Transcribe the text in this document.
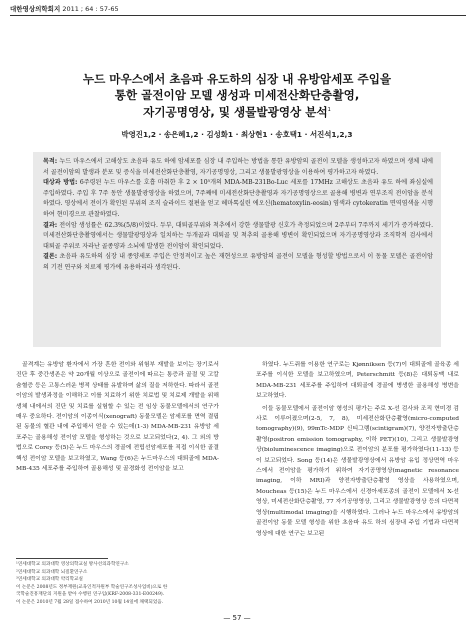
대한영상의학회지 2011 ; 64 : 57-65
누드 마우스에서 초음파 유도하의 심장 내 유방암세포 주입을
통한 골전이암 모델 생성과 미세전산화단층촬영,
자기공명영상, 및 생물발광영상 분석$^1$
박영진1,2 · 송은혜1,2 · 김성화1 · 최상현1 · 송호택1 · 서진석1,2,3

목적: 누드 마우스에서 고해상도 초음파 유도 하에 암세포를 심장 내 주입하는 방법을 통한 유방암의 골전이 모델을 생성하고자 하였으며 생체 내에서 골전이암의 발생과 분포 및 증식을 미세전산화단층촬영, 자기공명영상, 그리고 생물발광영상을 이용하여 평가하고자 하였다.

대상과 방법: 6주령된 누드 마우스를 호흡 마취한 후 2 × 10⁵개의 MDA-MB-231Bo-Luc 세포를 17MHz 고해상도 초음파 유도 하에 좌심실에 주입하였다. 주입 후 7주 동안 생물발광영상을 하였으며, 7주째에 미세전산화단층촬영과 자기공명영상으로 골용해 병변과 연부조직 전이암을 분석하였다. 영상에서 전이가 확인된 부위의 조직 슬라이드 절편을 얻고 헤마톡실린 에오신(hematoxylin-eosin) 염색과 cytokeratin 면역염색을 시행하여 현미경으로 관찰하였다.

결과: 전이암 생성률은 62.3%(5/8)이었다. 두부, 대퇴골부위와 척추에서 강한 생물발광 신호가 측정되었으며 2주부터 7주까지 세기가 증가하였다. 미세전산화단층촬영에서는 생물발광영상과 일치하는 두개골과 대퇴골 및 척추의 골용해 병변이 확인되었으며 자기공명영상과 조직학적 검사에서 대퇴골 주위로 자라난 골종양과 소뇌에 발생한 전이암이 확인되었다.

결론: 초음파 유도하의 심장 내 종양세포 주입은 안정적이고 높은 재현성으로 유방암의 골전이 모델을 형성할 방법으로서 이 동물 모델은 골전이암의 기전 연구와 치료제 평가에 유용하리라 생각된다.

골격계는 유방암 환자에서 가장 흔한 전이와 위험부 재발을 보이는 장기로서 진단 후 중간생존은 약 20개월 이상으로 골전이에 따르는 통증과 골절 및 고칼슘혈증 등은 고통스러운 병적 상태를 유발하며 삶의 질을 저하한다. 따라서 골전이암의 발생과정을 이해하고 이를 치료하기 위한 치료법 및 치료제 개발을 위해 생체 내에서의 진단 및 치료를 실험할 수 있는 전 임상 동물모델에서의 연구가 매우 중요하다. 전이암의 이종이식(xenograft) 동물모델은 암세포를 면역 결핍된 동물의 혈관 내에 주입해서 얻을 수 있는데(1-3) MDA-MB-231 유방암 세포주는 골용해성 전이암 모델을 형성하는 것으로 보고되었다(2, 4). 그 외의 방법으로 Corey 등(5)은 누드 마우스의 경골에 전립선암세포를 직접 이식한 골결핵성 전이암 모델을 보고하였고, Wang 등(6)은 누드마우스의 대퇴골에 MDA-MB-435 세포주를 주입하여 골용해성 및 골경화성 전이암을 보고

하였다. 누드쥐를 이용한 연구로는 Kjønniksen 등(7)이 대퇴골에 골육종 세포주를 이식한 모델을 보고하였으며, Peterschmitt 등(8)은 대퇴동맥 내로 MDA-MB-231 세포주를 주입하여 대퇴골에 경골에 병생한 골용해성 병변을 보고하였다.

이들 동물모델에서 골전이암 형성의 평가는 주로 X-선 검사와 조직 현미경 검사로 이루어졌으며(2-5, 7, 8), 미세전산화단층촬영(micro-computed tomography)(9), 99mTc-MDP 신티그램(scintigram)(7), 양전자방출단층촬영(positron emission tomography, 이하 PET)(10), 그리고 생물발광영상(bioluminescence imaging)으로 전이암의 분포를 평가하였다(11-13) 등이 보고되었다. Song 등(14)은 생물발광영상에서 유방암 유입 정상면역 마우스에서 전이암을 평가하기 위하여 자기공명영상(magnetic resonance imaging, 이하 MRI)과 양전자방출단층촬영 영상을 사용하였으며, Moucheas 등(15)은 누드 마우스에서 신경아세포종의 골전이 모델에서 X-선 영상, 미세전산화단층촬영, 77 자기공명영상, 그리고 생물발광영상 등의 다면적 영상(multimodal imaging)을 시행하였다. 그러나 누드 마우스에서 유방암의 골전이암 동물 모델 형성을 위한 초음파 유도 하의 심장내 주입 기법과 다면적 영상에 대한 연구는 보고된

¹연세대학교 의과대학 영상의학교실 방사선의과학연구소
²연세대학교 의과대학 뇌질환연구소
³연세대학교 의과대학 약리학교실
이 논문은 2008년도 정부재원(교육인적자원부 학술연구조성사업비)으로 한
국학술진흥재단의 지원을 받아 수행된 연구임(KRF-2008-331-E00249).
이 논문은 2010년 7월 28일 접수하여 2010년 10월 14일에 채택되었음.
— 57 —
